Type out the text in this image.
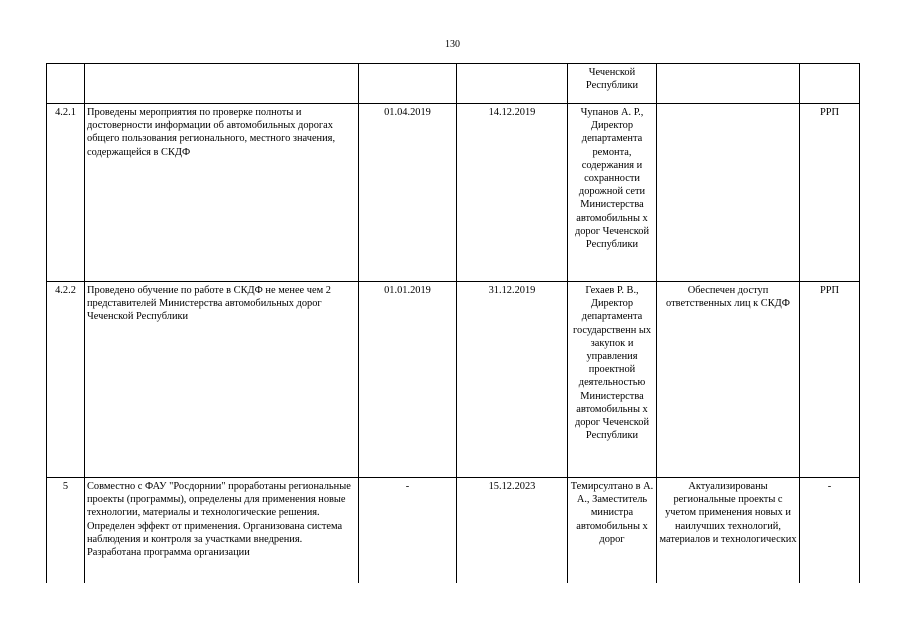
130
				Чеченской Республики		
4.2.1	Проведены мероприятия по проверке полноты и достоверности информации об автомобильных дорогах общего пользования регионального, местного значения, содержащейся в СКДФ	01.04.2019	14.12.2019	Чупанов А. Р., Директор департамента ремонта, содержания и сохранности дорожной сети Министерства автомобильны х дорог Чеченской Республики		РРП
4.2.2	Проведено обучение по работе в СКДФ не менее чем 2 представителей Министерства автомобильных дорог Чеченской Республики	01.01.2019	31.12.2019	Гехаев Р. В., Директор департамента государственн ых закупок и управления проектной деятельностью Министерства автомобильны х дорог Чеченской Республики	Обеспечен доступ ответственных лиц к СКДФ	РРП
5	Совместно с ФАУ "Росдорнии" проработаны региональные проекты (программы), определены для применения новые технологии, материалы и технологические решения. Определен эффект от применения. Организована система наблюдения и контроля за участками внедрения. Разработана программа организации	-	15.12.2023	Темирсултано в А. А., Заместитель министра автомобильны х дорог	Актуализированы региональные проекты с учетом применения новых и наилучших технологий, материалов и технологических	-
